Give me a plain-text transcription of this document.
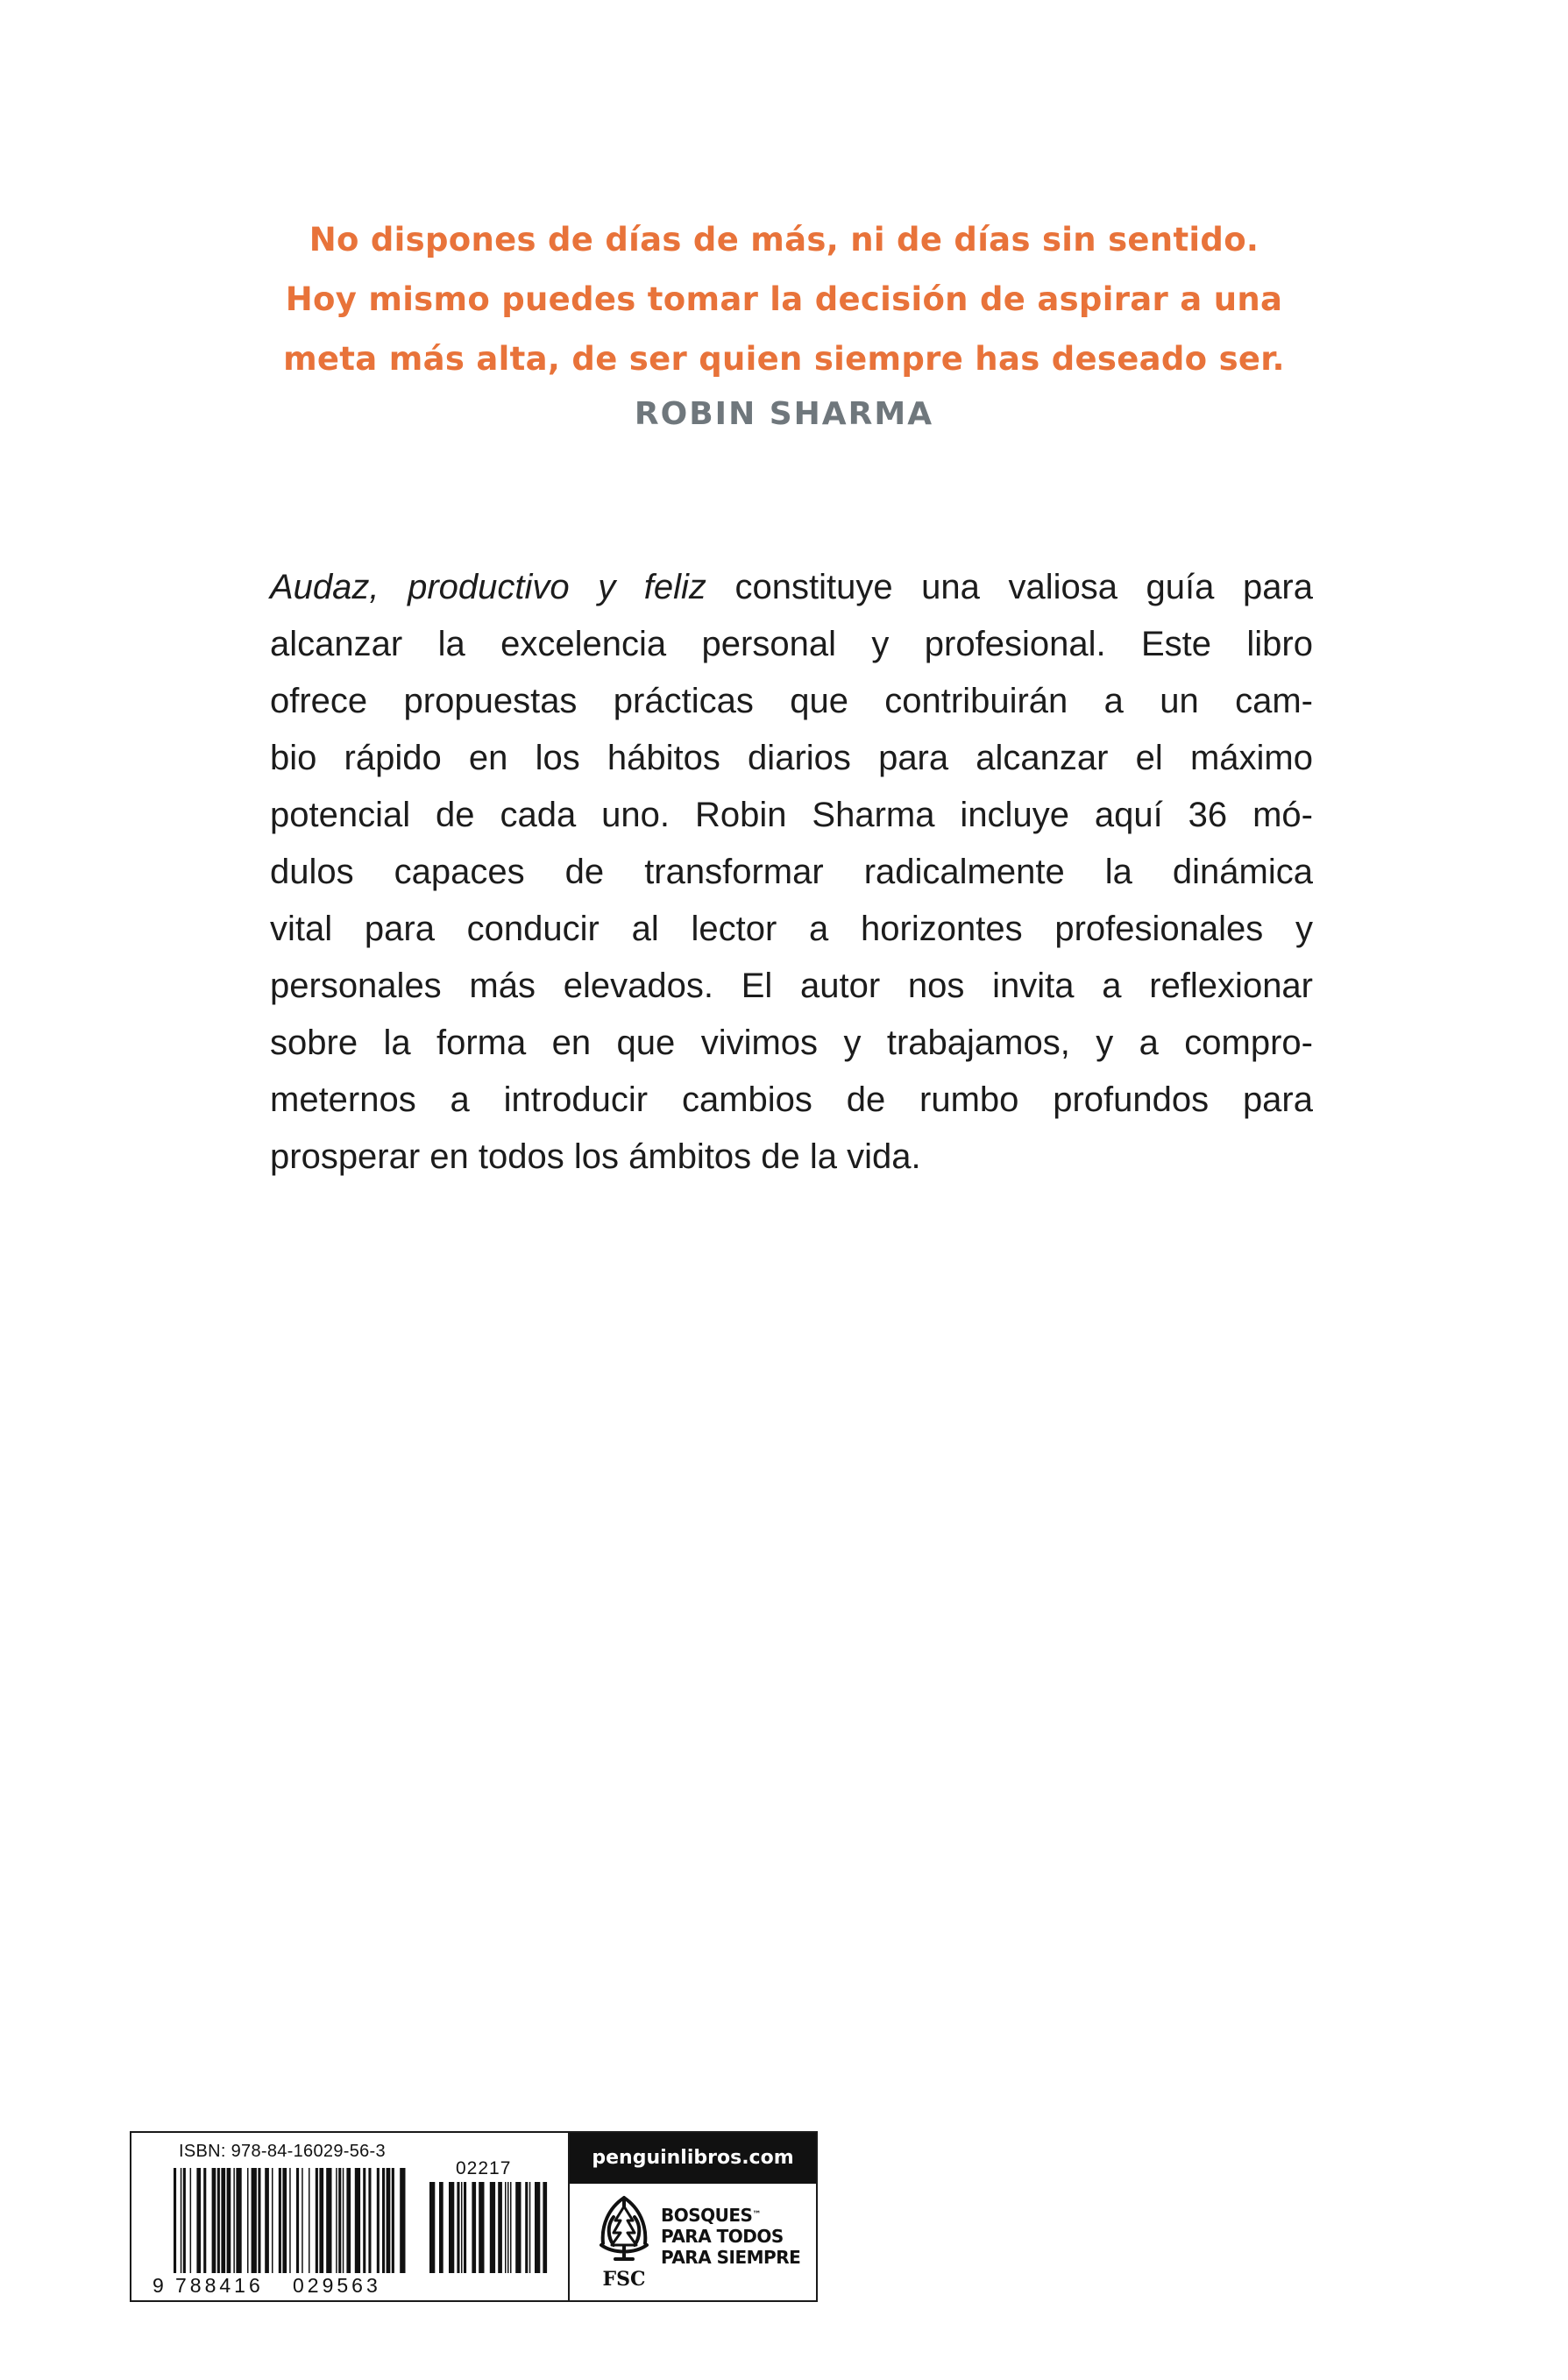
No dispones de días de más, ni de días sin sentido.
Hoy mismo puedes tomar la decisión de aspirar a una
meta más alta, de ser quien siempre has deseado ser.
ROBIN SHARMA
Audaz, productivo y feliz constituye una valiosa guía para
alcanzar la excelencia personal y profesional. Este libro
ofrece propuestas prácticas que contribuirán a un cam-
bio rápido en los hábitos diarios para alcanzar el máximo
potencial de cada uno. Robin Sharma incluye aquí 36 mó-
dulos capaces de transformar radicalmente la dinámica
vital para conducir al lector a horizontes profesionales y
personales más elevados. El autor nos invita a reflexionar
sobre la forma en que vivimos y trabajamos, y a compro-
meternos a introducir cambios de rumbo profundos para
prosperar en todos los ámbitos de la vida.
ISBN: 978-84-16029-56-3
9 788416 029563
02217	penguinlibros.com
FSC
BOSQUES™
PARA TODOS
PARA SIEMPRE
